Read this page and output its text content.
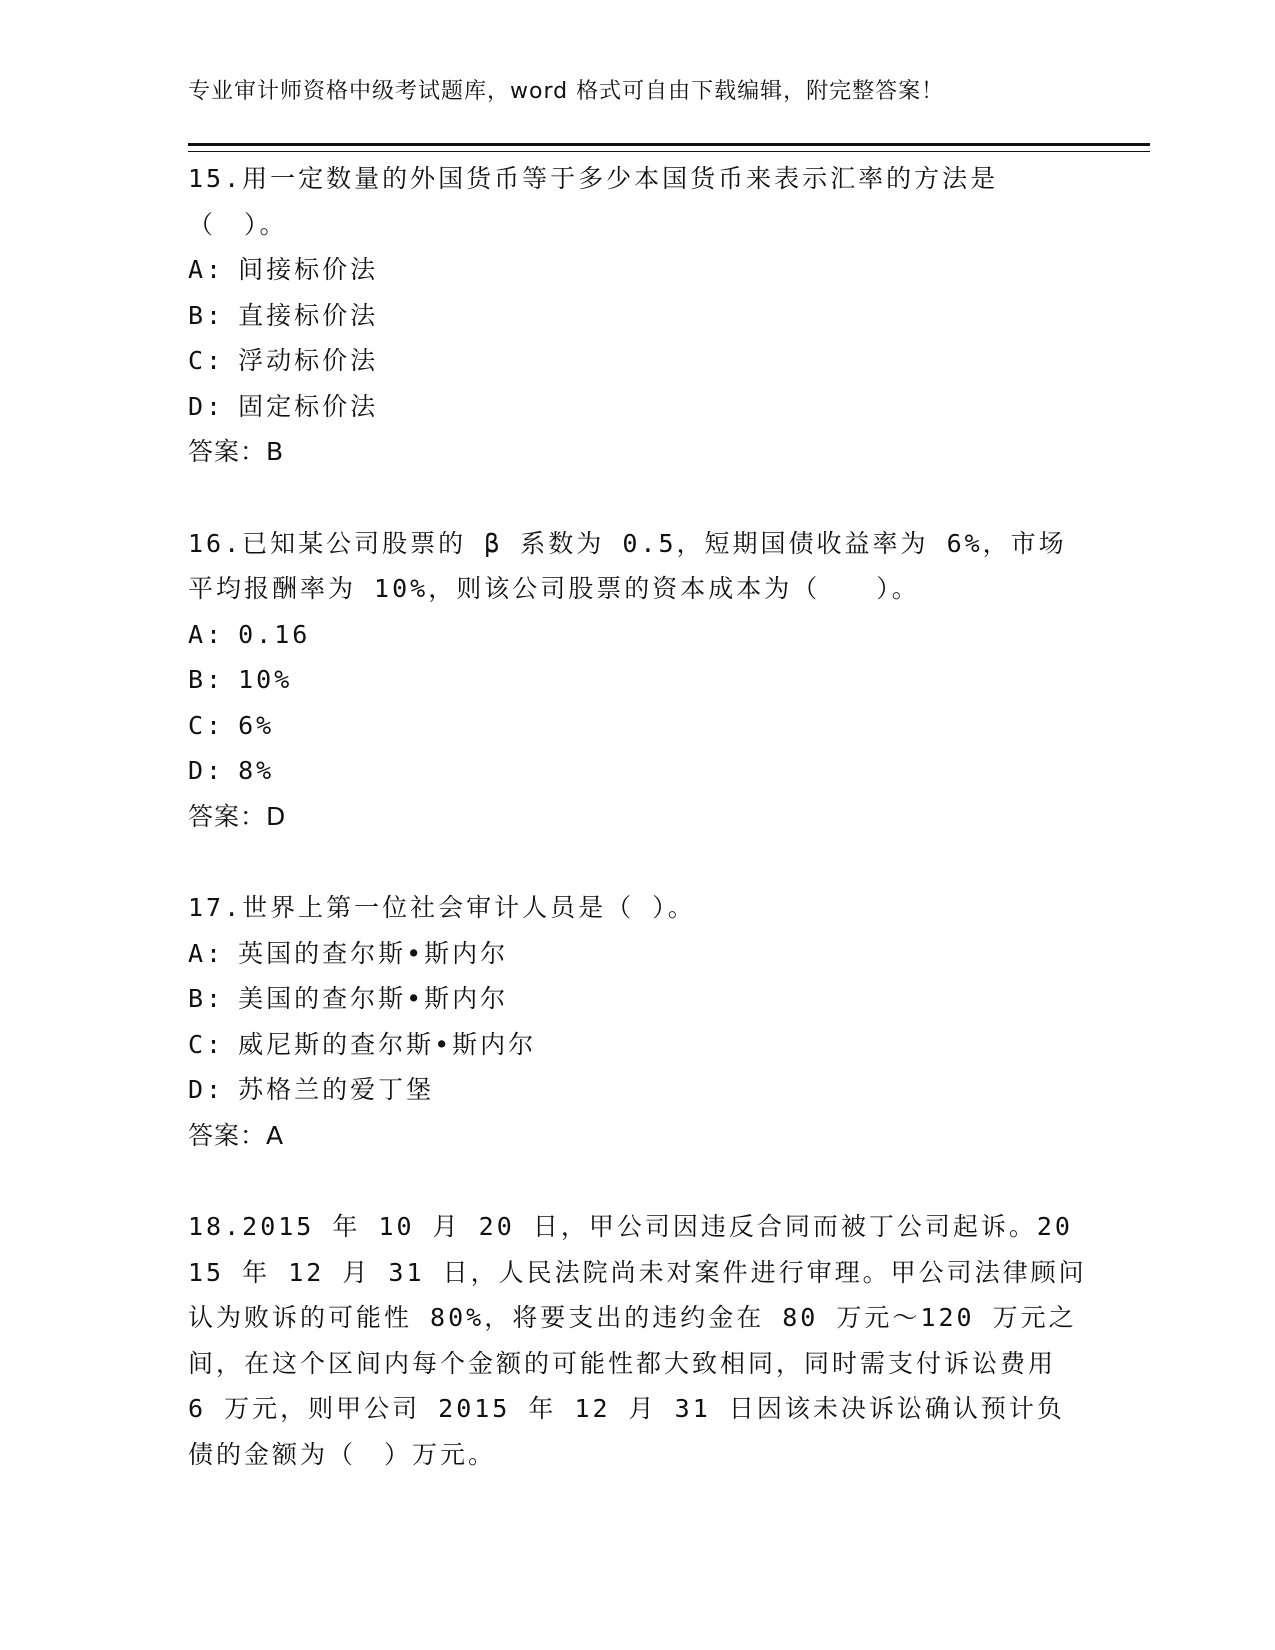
专业审计师资格中级考试题库，word 格式可自由下载编辑，附完整答案！
15.用一定数量的外国货币等于多少本国货币来表示汇率的方法是（　）。
A: 间接标价法
B: 直接标价法
C: 浮动标价法
D: 固定标价法
答案：B
16.已知某公司股票的 β 系数为 0.5，短期国债收益率为 6%，市场平均报酬率为 10%，则该公司股票的资本成本为（　　）。
A: 0.16
B: 10%
C: 6%
D: 8%
答案：D
17.世界上第一位社会审计人员是（ ）。
A: 英国的查尔斯•斯内尔
B: 美国的查尔斯•斯内尔
C: 威尼斯的查尔斯•斯内尔
D: 苏格兰的爱丁堡
答案：A
18.2015 年 10 月 20 日，甲公司因违反合同而被丁公司起诉。2015 年 12 月 31 日，人民法院尚未对案件进行审理。甲公司法律顾问认为败诉的可能性 80%，将要支出的违约金在 80 万元～120 万元之间，在这个区间内每个金额的可能性都大致相同，同时需支付诉讼费用 6 万元，则甲公司 2015 年 12 月 31 日因该未决诉讼确认预计负债的金额为（　）万元。
